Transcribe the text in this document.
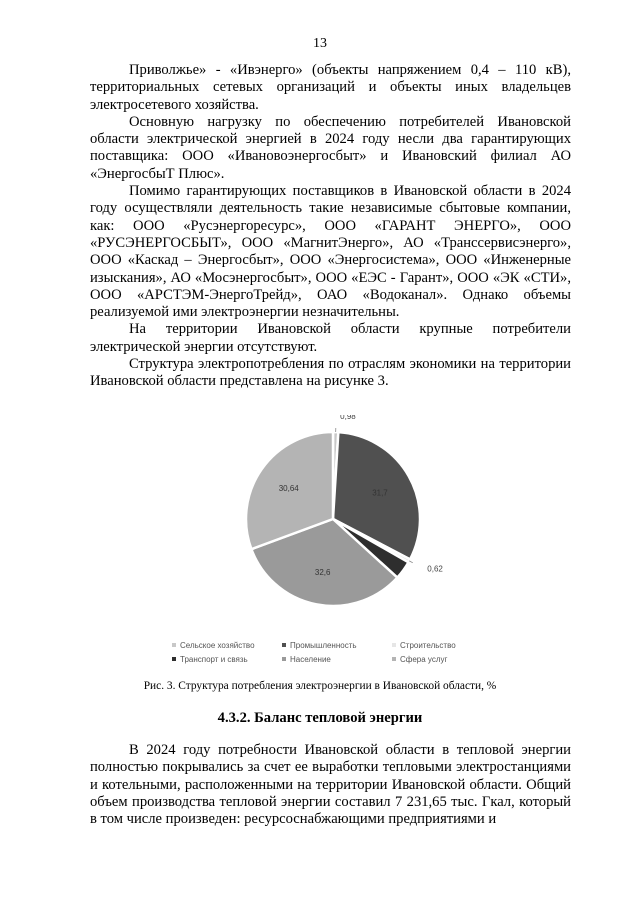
13

Приволжье» - «Ивэнерго» (объекты напряжением 0,4 – 110 кВ), территориальных сетевых организаций и объекты иных владельцев электросетевого хозяйства.

Основную нагрузку по обеспечению потребителей Ивановской области электрической энергией в 2024 году несли два гарантирующих поставщика: ООО «Ивановоэнергосбыт» и Ивановский филиал АО «ЭнергосбыТ Плюс».

Помимо гарантирующих поставщиков в Ивановской области в 2024 году осуществляли деятельность такие независимые сбытовые компании, как: ООО «Русэнергоресурс», ООО «ГАРАНТ ЭНЕРГО», ООО «РУСЭНЕРГОСБЫТ», ООО «МагнитЭнерго», АО «Транссервисэнерго», ООО «Каскад – Энергосбыт», ООО «Энергосистема», ООО «Инженерные изыскания», АО «Мосэнергосбыт», ООО «ЕЭС - Гарант», ООО «ЭК «СТИ», ООО «АРСТЭМ-ЭнергоТрейд», ОАО «Водоканал». Однако объемы реализуемой ими электроэнергии незначительны.

На территории Ивановской области крупные потребители электрической энергии отсутствуют.

Структура электропотребления по отраслям экономики на территории Ивановской области представлена на рисунке 3.

0,98
31,7
0,62
32,6
30,64
Сельское хозяйство	Промышленность	Строительство
Транспорт и связь	Население	Сфера услуг
Рис. 3. Структура потребления электроэнергии в Ивановской области, %
4.3.2. Баланс тепловой энергии

В 2024 году потребности Ивановской области в тепловой энергии полностью покрывались за счет ее выработки тепловыми электростанциями и котельными, расположенными на территории Ивановской области. Общий объем производства тепловой энергии составил 7 231,65 тыс. Гкал, который в том числе произведен: ресурсоснабжающими предприятиями и
